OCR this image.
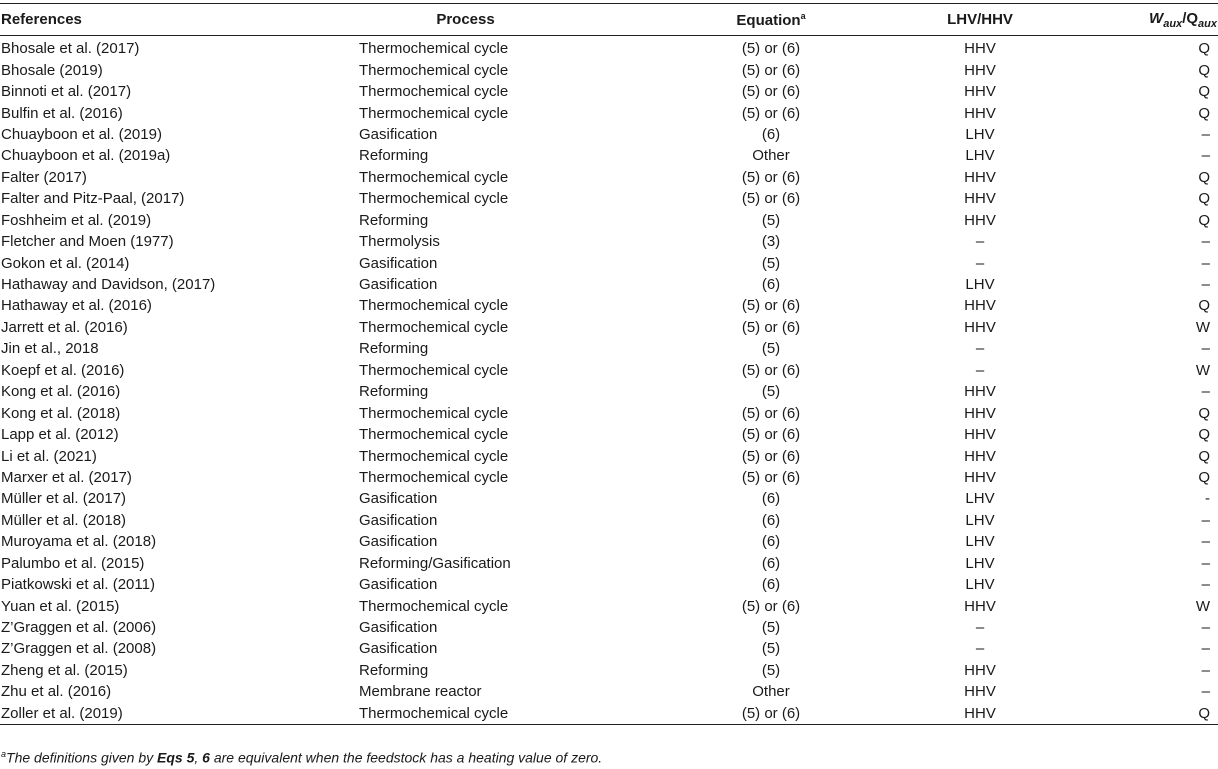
References	Process	Equation$^a$	LHV/HHV	$W_{aux}/Q_{aux}$
Bhosale et al. (2017)	Thermochemical cycle	(5) or (6)	HHV	Q
Bhosale (2019)	Thermochemical cycle	(5) or (6)	HHV	Q
Binnoti et al. (2017)	Thermochemical cycle	(5) or (6)	HHV	Q
Bulfin et al. (2016)	Thermochemical cycle	(5) or (6)	HHV	Q
Chuayboon et al. (2019)	Gasification	(6)	LHV	–
Chuayboon et al. (2019a)	Reforming	Other	LHV	–
Falter (2017)	Thermochemical cycle	(5) or (6)	HHV	Q
Falter and Pitz-Paal, (2017)	Thermochemical cycle	(5) or (6)	HHV	Q
Foshheim et al. (2019)	Reforming	(5)	HHV	Q
Fletcher and Moen (1977)	Thermolysis	(3)	–	–
Gokon et al. (2014)	Gasification	(5)	–	–
Hathaway and Davidson, (2017)	Gasification	(6)	LHV	–
Hathaway et al. (2016)	Thermochemical cycle	(5) or (6)	HHV	Q
Jarrett et al. (2016)	Thermochemical cycle	(5) or (6)	HHV	W
Jin et al., 2018	Reforming	(5)	–	–
Koepf et al. (2016)	Thermochemical cycle	(5) or (6)	–	W
Kong et al. (2016)	Reforming	(5)	HHV	–
Kong et al. (2018)	Thermochemical cycle	(5) or (6)	HHV	Q
Lapp et al. (2012)	Thermochemical cycle	(5) or (6)	HHV	Q
Li et al. (2021)	Thermochemical cycle	(5) or (6)	HHV	Q
Marxer et al. (2017)	Thermochemical cycle	(5) or (6)	HHV	Q
Müller et al. (2017)	Gasification	(6)	LHV	-
Müller et al. (2018)	Gasification	(6)	LHV	–
Muroyama et al. (2018)	Gasification	(6)	LHV	–
Palumbo et al. (2015)	Reforming/Gasification	(6)	LHV	–
Piatkowski et al. (2011)	Gasification	(6)	LHV	–
Yuan et al. (2015)	Thermochemical cycle	(5) or (6)	HHV	W
Z’Graggen et al. (2006)	Gasification	(5)	–	–
Z’Graggen et al. (2008)	Gasification	(5)	–	–
Zheng et al. (2015)	Reforming	(5)	HHV	–
Zhu et al. (2016)	Membrane reactor	Other	HHV	–
Zoller et al. (2019)	Thermochemical cycle	(5) or (6)	HHV	Q
$^a$The definitions given by Eqs 5, 6 are equivalent when the feedstock has a heating value of zero.
